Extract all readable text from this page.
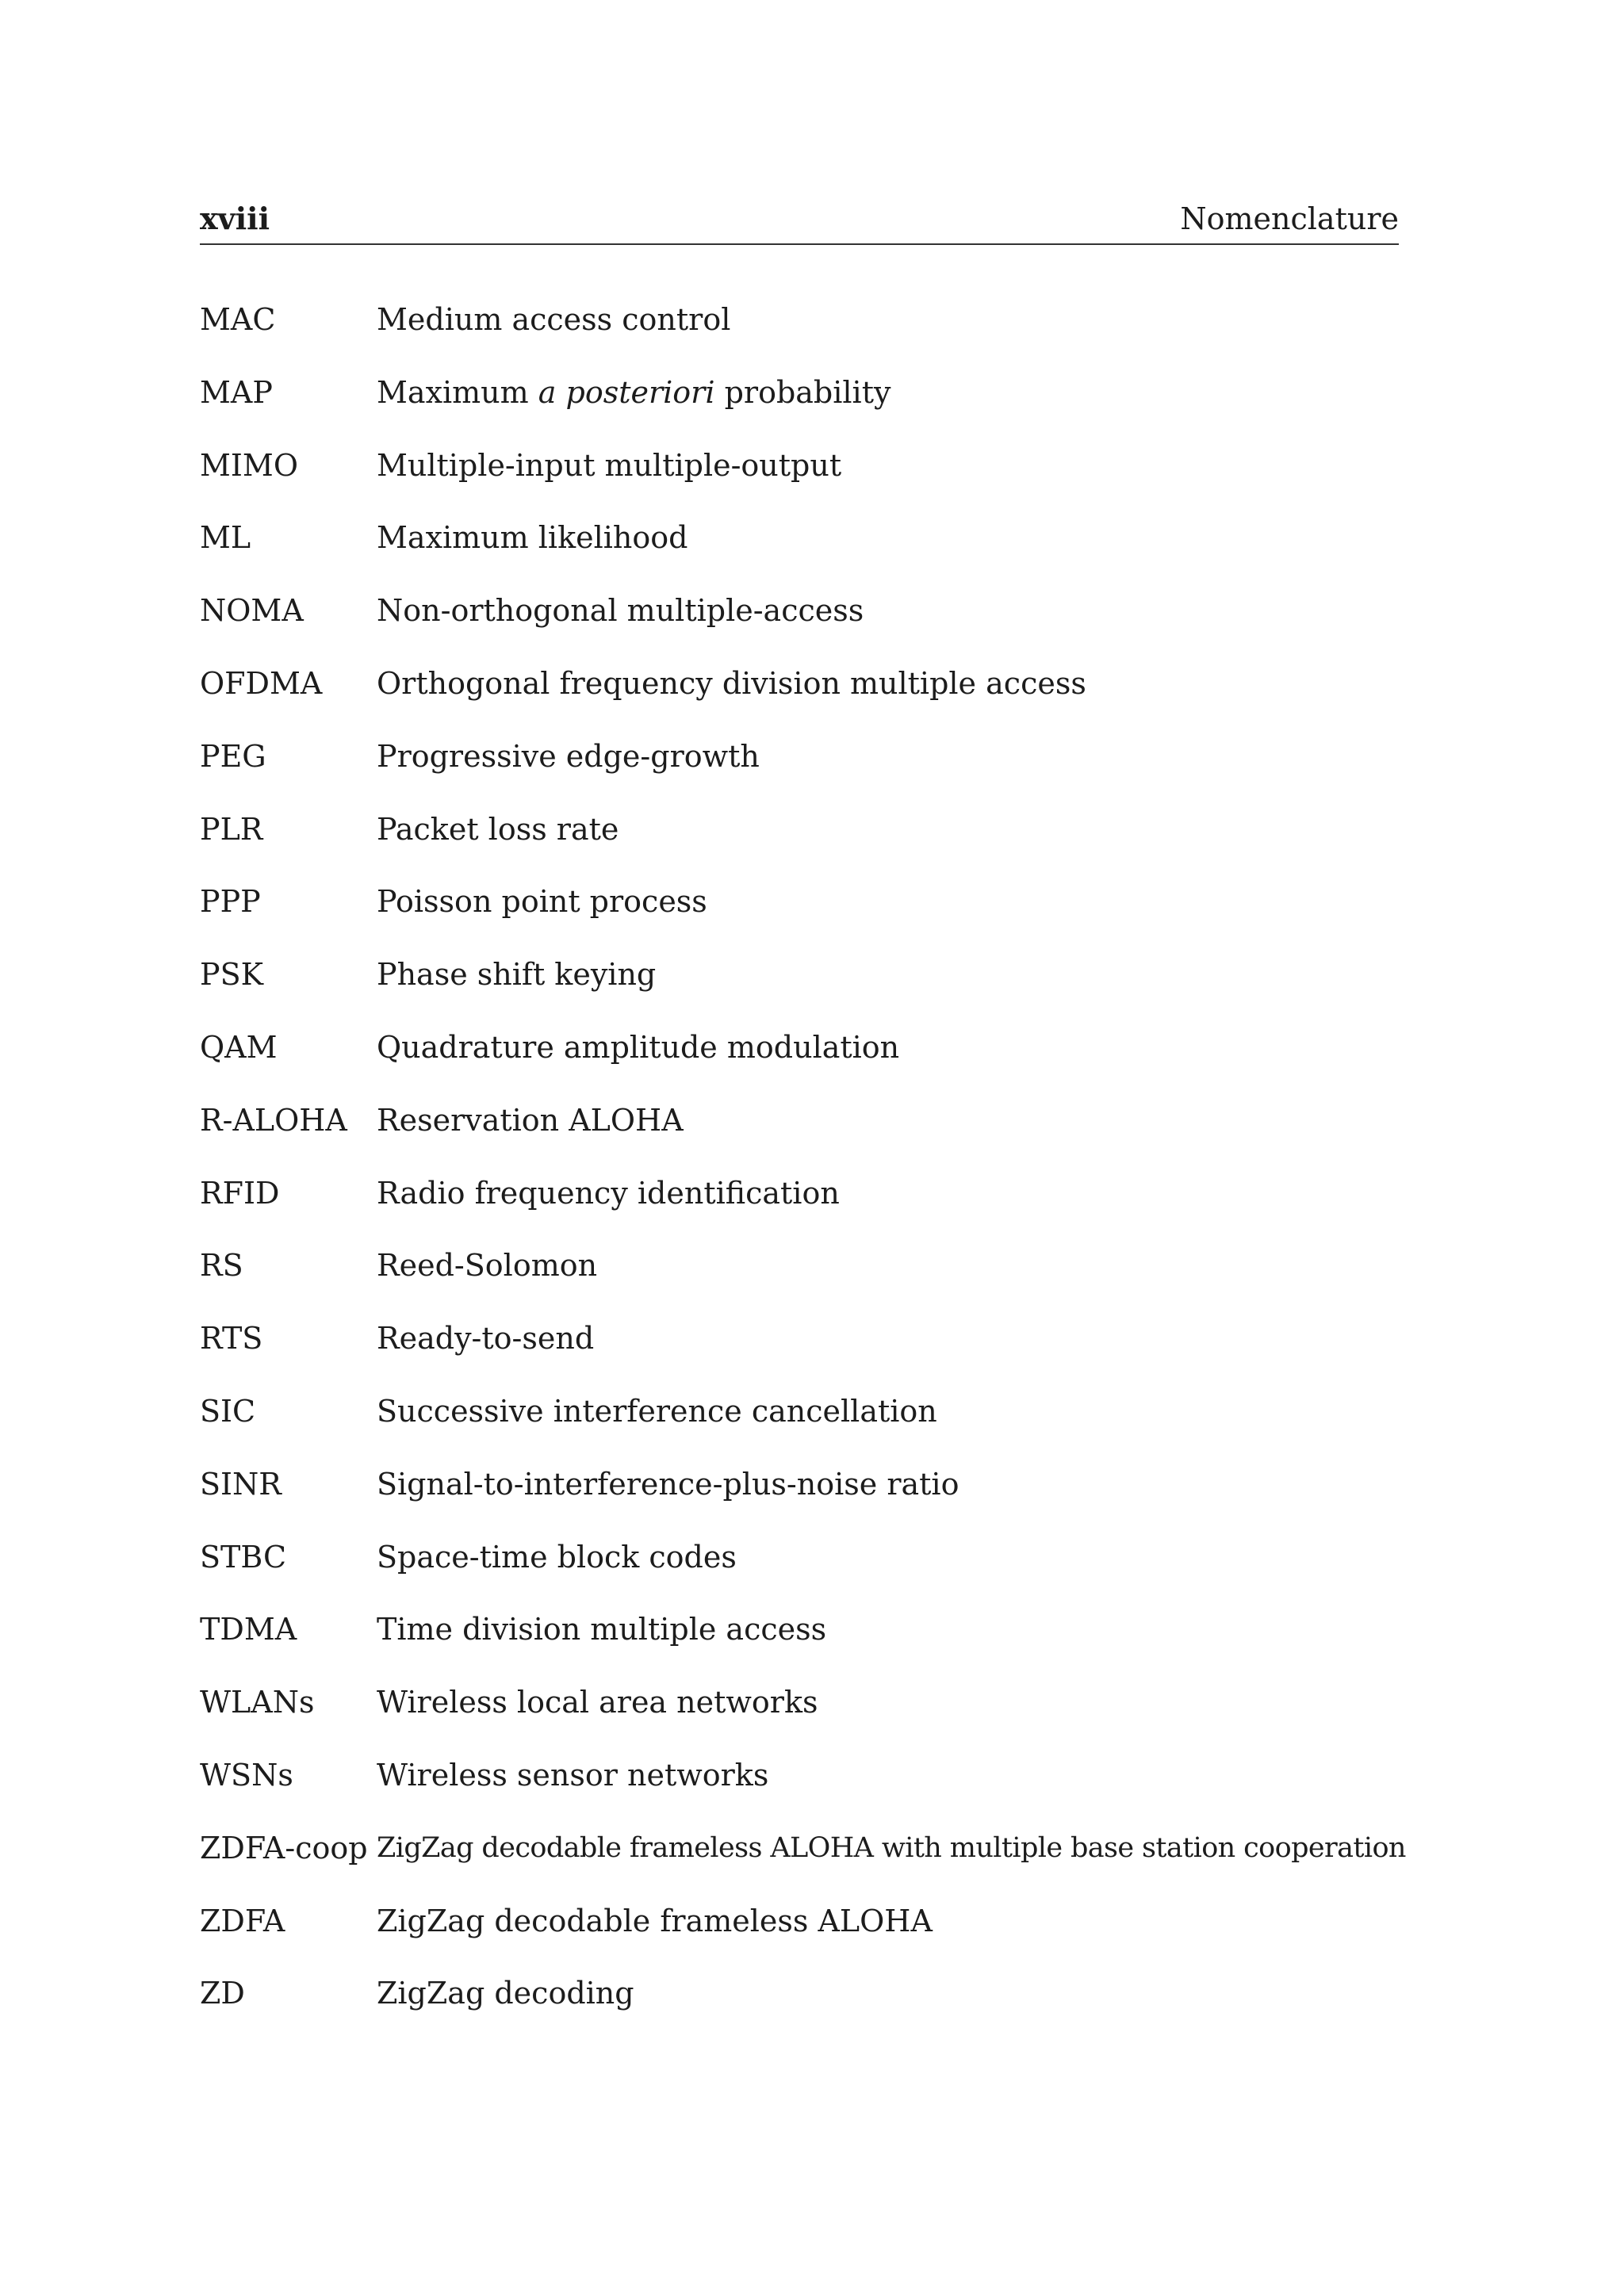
xviii	Nomenclature
MAC	Medium access control
MAP	Maximum a posteriori probability
MIMO	Multiple-input multiple-output
ML	Maximum likelihood
NOMA Non-orthogonal multiple-access
OFDMA Orthogonal frequency division multiple access
PEG	Progressive edge-growth
PLR	Packet loss rate
PPP	Poisson point process
PSK	Phase shift keying
QAM	Quadrature amplitude modulation
R-ALOHA Reservation ALOHA
RFID	Radio frequency identification
RS	Reed-Solomon
RTS	Ready-to-send
SIC	Successive interference cancellation
SINR	Signal-to-interference-plus-noise ratio
STBC	Space-time block codes
TDMA	Time division multiple access
WLANs Wireless local area networks
WSNs	Wireless sensor networks
ZDFA-coop ZigZag decodable frameless ALOHA with multiple base station cooperation
ZDFA	ZigZag decodable frameless ALOHA
ZD	ZigZag decoding
